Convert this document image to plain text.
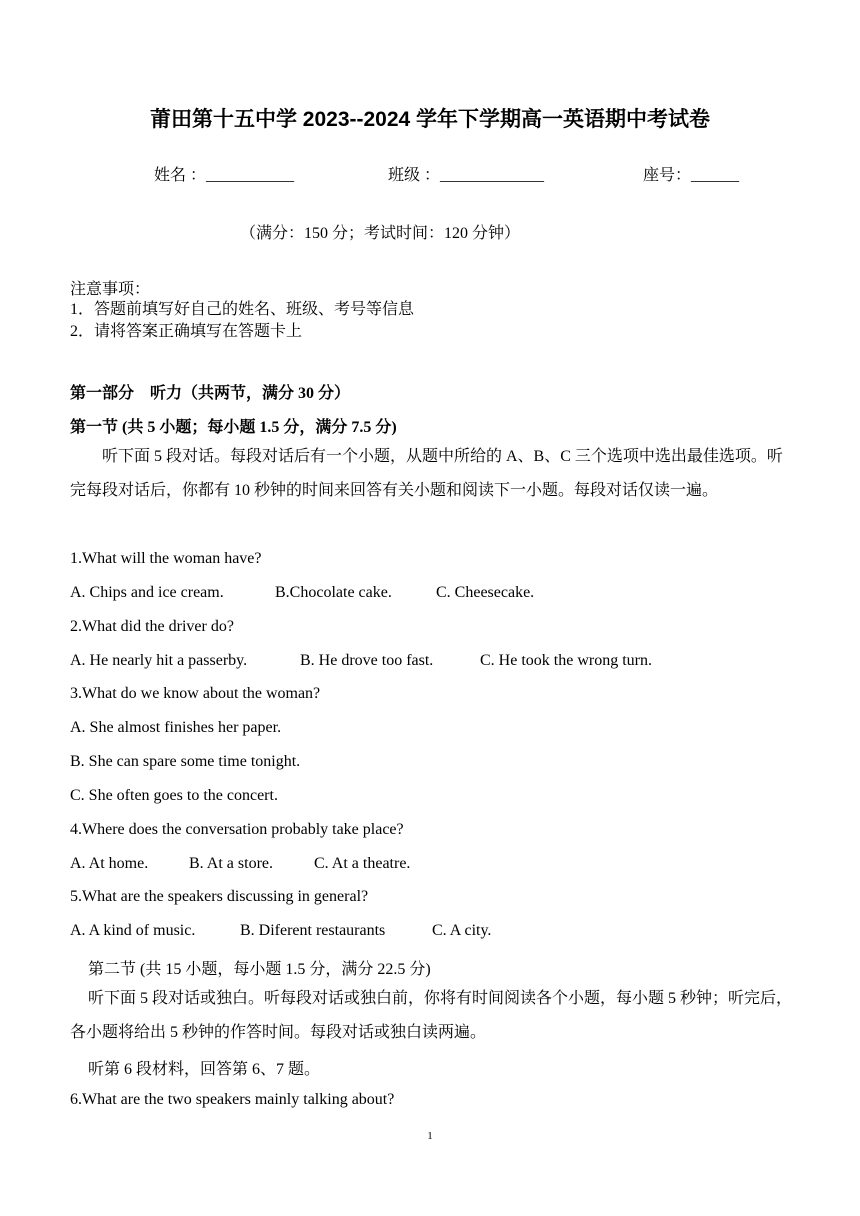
莆田第十五中学 2023--2024 学年下学期高一英语期中考试卷
姓名 ：___________	班级 ：_____________	座号：______
（满分：150 分；考试时间：120 分钟）
注意事项：
1．答题前填写好自己的姓名、班级、考号等信息
2．请将答案正确填写在答题卡上
第一部分　听力（共两节，满分 30 分）
第一节 (共 5 小题；每小题 1.5 分，满分 7.5 分)
听下面 5 段对话。每段对话后有一个小题，从题中所给的 A、B、C 三个选项中选出最佳选项。听完每段对话后，你都有 10 秒钟的时间来回答有关小题和阅读下一小题。每段对话仅读一遍。
1.What will the woman have?
A. Chips and ice cream.	B.Chocolate cake.	C. Cheesecake.
2.What did the driver do?
A. He nearly hit a passerby.	B. He drove too fast.	C. He took the wrong turn.
3.What do we know about the woman?
A. She almost finishes her paper.
B. She can spare some time tonight.
C. She often goes to the concert.
4.Where does the conversation probably take place?
A. At home.	B. At a store.	C. At a theatre.
5.What are the speakers discussing in general?
A. A kind of music.	B. Diferent restaurants	C. A city.
第二节 (共 15 小题，每小题 1.5 分，满分 22.5 分)
听下面 5 段对话或独白。听每段对话或独白前，你将有时间阅读各个小题，每小题 5 秒钟；听完后，各小题将给出 5 秒钟的作答时间。每段对话或独白读两遍。
听第 6 段材料，回答第 6、7 题。
6.What are the two speakers mainly talking about?
1
